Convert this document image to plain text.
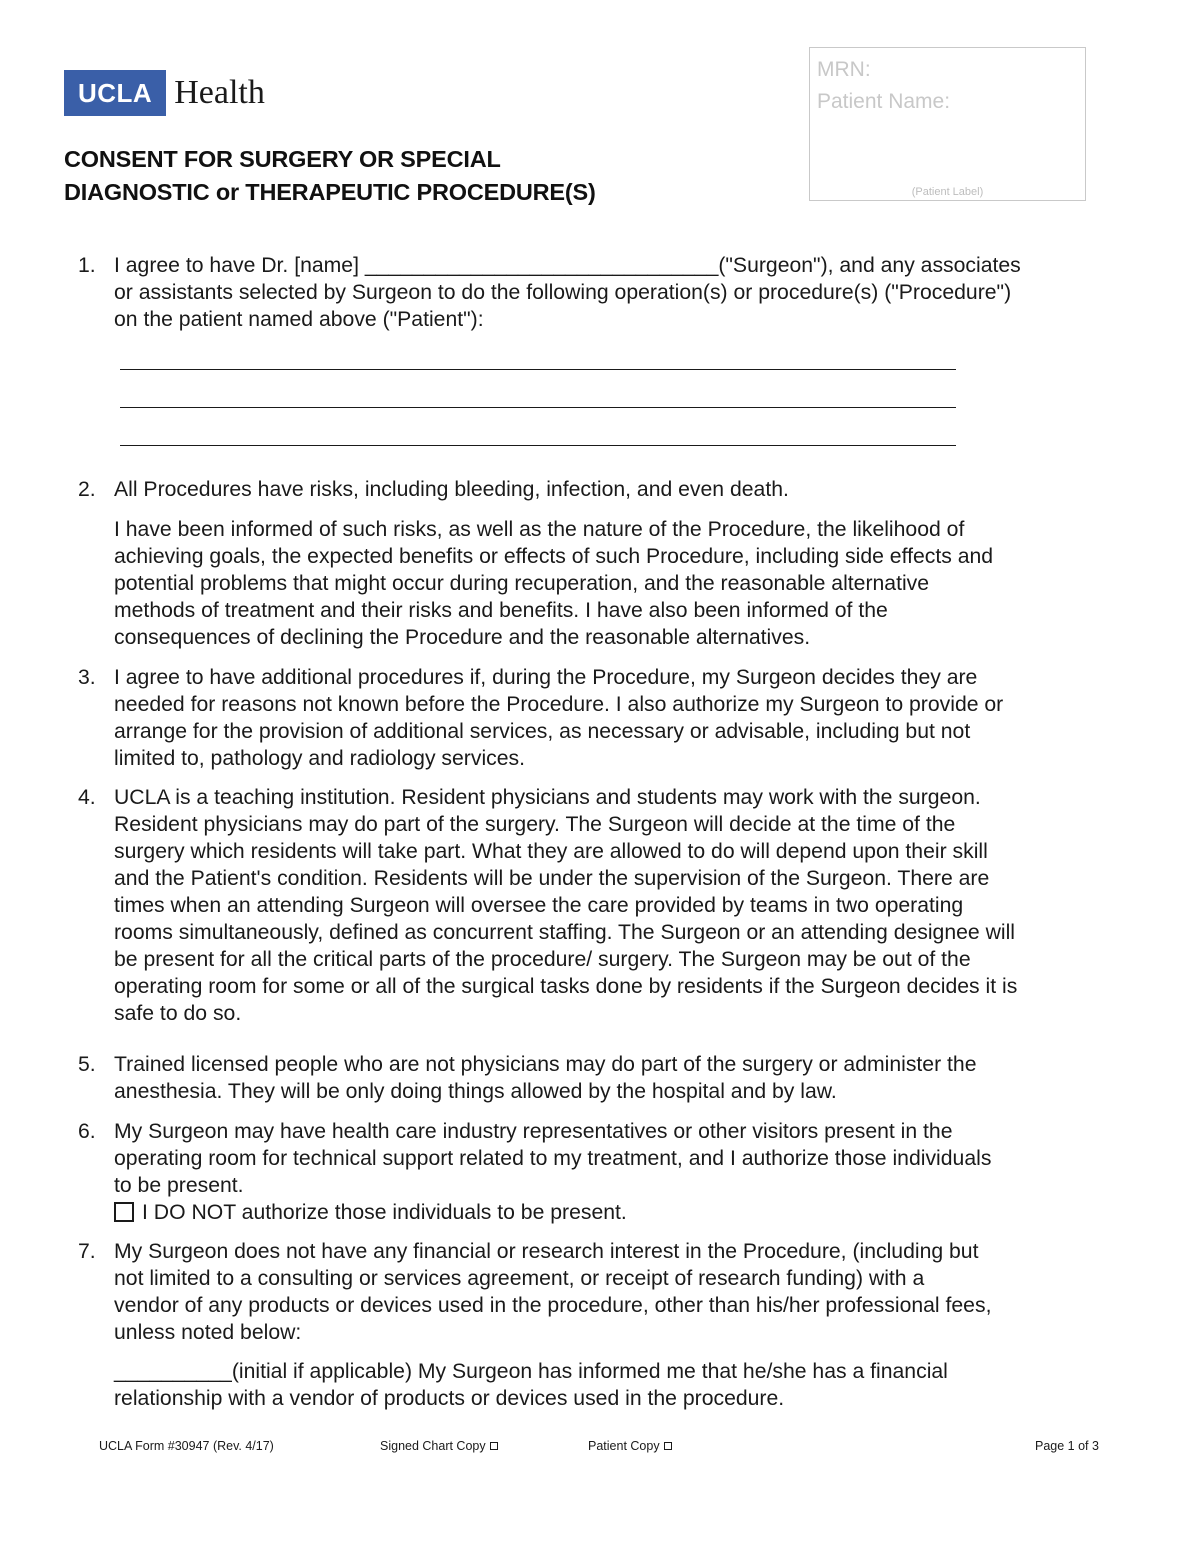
UCLA Health
CONSENT FOR SURGERY OR SPECIAL
DIAGNOSTIC or THERAPEUTIC PROCEDURE(S)
MRN:
Patient Name:
(Patient Label)
1. I agree to have Dr. [name] ______________________________("Surgeon"), and any associates
or assistants selected by Surgeon to do the following operation(s) or procedure(s) ("Procedure")
on the patient named above ("Patient"):
2. All Procedures have risks, including bleeding, infection, and even death.
I have been informed of such risks, as well as the nature of the Procedure, the likelihood of
achieving goals, the expected benefits or effects of such Procedure, including side effects and
potential problems that might occur during recuperation, and the reasonable alternative
methods of treatment and their risks and benefits. I have also been informed of the
consequences of declining the Procedure and the reasonable alternatives.
3. I agree to have additional procedures if, during the Procedure, my Surgeon decides they are
needed for reasons not known before the Procedure. I also authorize my Surgeon to provide or
arrange for the provision of additional services, as necessary or advisable, including but not
limited to, pathology and radiology services.
4. UCLA is a teaching institution. Resident physicians and students may work with the surgeon.
Resident physicians may do part of the surgery. The Surgeon will decide at the time of the
surgery which residents will take part. What they are allowed to do will depend upon their skill
and the Patient's condition. Residents will be under the supervision of the Surgeon. There are
times when an attending Surgeon will oversee the care provided by teams in two operating
rooms simultaneously, defined as concurrent staffing. The Surgeon or an attending designee will
be present for all the critical parts of the procedure/ surgery. The Surgeon may be out of the
operating room for some or all of the surgical tasks done by residents if the Surgeon decides it is
safe to do so.
5. Trained licensed people who are not physicians may do part of the surgery or administer the
anesthesia. They will be only doing things allowed by the hospital and by law.
6. My Surgeon may have health care industry representatives or other visitors present in the
operating room for technical support related to my treatment, and I authorize those individuals
to be present.
I DO NOT authorize those individuals to be present.
7. My Surgeon does not have any financial or research interest in the Procedure, (including but
not limited to a consulting or services agreement, or receipt of research funding) with a
vendor of any products or devices used in the procedure, other than his/her professional fees,
unless noted below:
__________(initial if applicable) My Surgeon has informed me that he/she has a financial
relationship with a vendor of products or devices used in the procedure.
UCLA Form #30947 (Rev. 4/17)	Signed Chart Copy	Patient Copy	Page 1 of 3
